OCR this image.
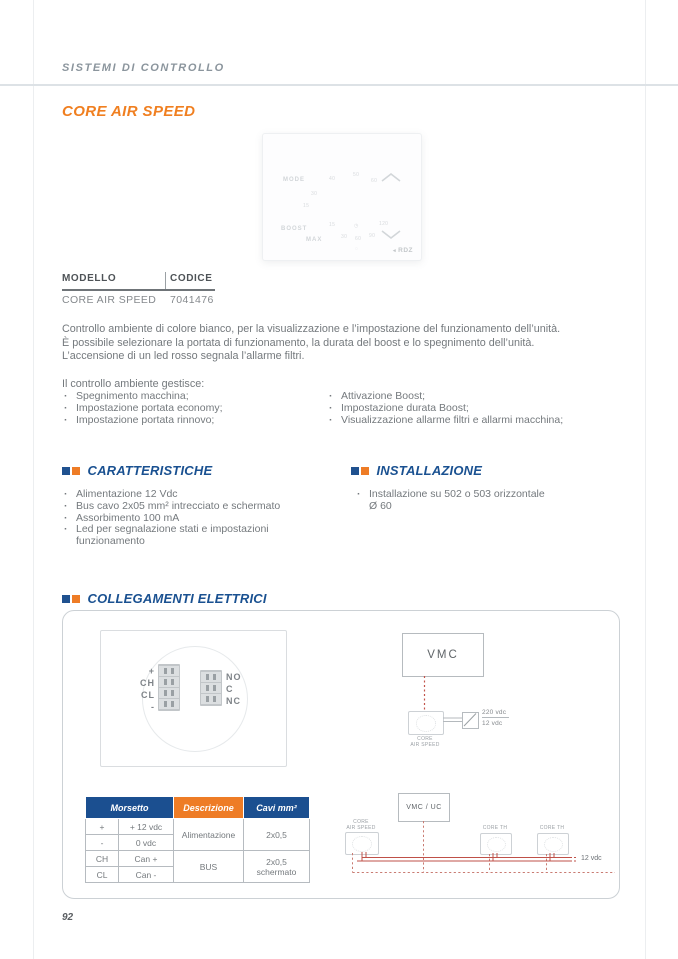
SISTEMI DI CONTROLLO
CORE AIR SPEED
MODE
BOOST
MAX
30
40
50
60
15
15
30 60 90
120
◷
◌	◄RDZ
MODELLO	CODICE
CORE AIR SPEED 7041476
Controllo ambiente di colore bianco, per la visualizzazione e l’impostazione del funzionamento dell’unità.
È possibile selezionare la portata di funzionamento, la durata del boost e lo spegnimento dell’unità.
L’accensione di un led rosso segnala l’allarme filtri.
Il controllo ambiente gestisce:
· Spegnimento macchina;
· Impostazione portata economy;
· Impostazione portata rinnovo;
· Attivazione Boost;
· Impostazione durata Boost;
· Visualizzazione allarme filtri e allarmi macchina;
CARATTERISTICHE
· Alimentazione 12 Vdc
· Bus cavo 2x05 mm² intrecciato e schermato
· Assorbimento 100 mA
· Led per segnalazione stati e impostazioni funzionamento
INSTALLAZIONE
· Installazione su 502 o 503 orizzontale
Ø 60
COLLEGAMENTI ELETTRICI
+
CH
CL
-
NO
C
NC
VMC
CORE
AIR SPEED
220 vdc
12 vdc
VMC / UC
CORE
AIR SPEED	CORE TH	CORE TH
12 vdc
Morsetto		Descrizione	Cavi mm²
+	+ 12 vdc	Alimentazione	2x0,5
-	0 vdc		
CH	Can +	BUS	2x0,5 schermato
CL	Can -		
92
